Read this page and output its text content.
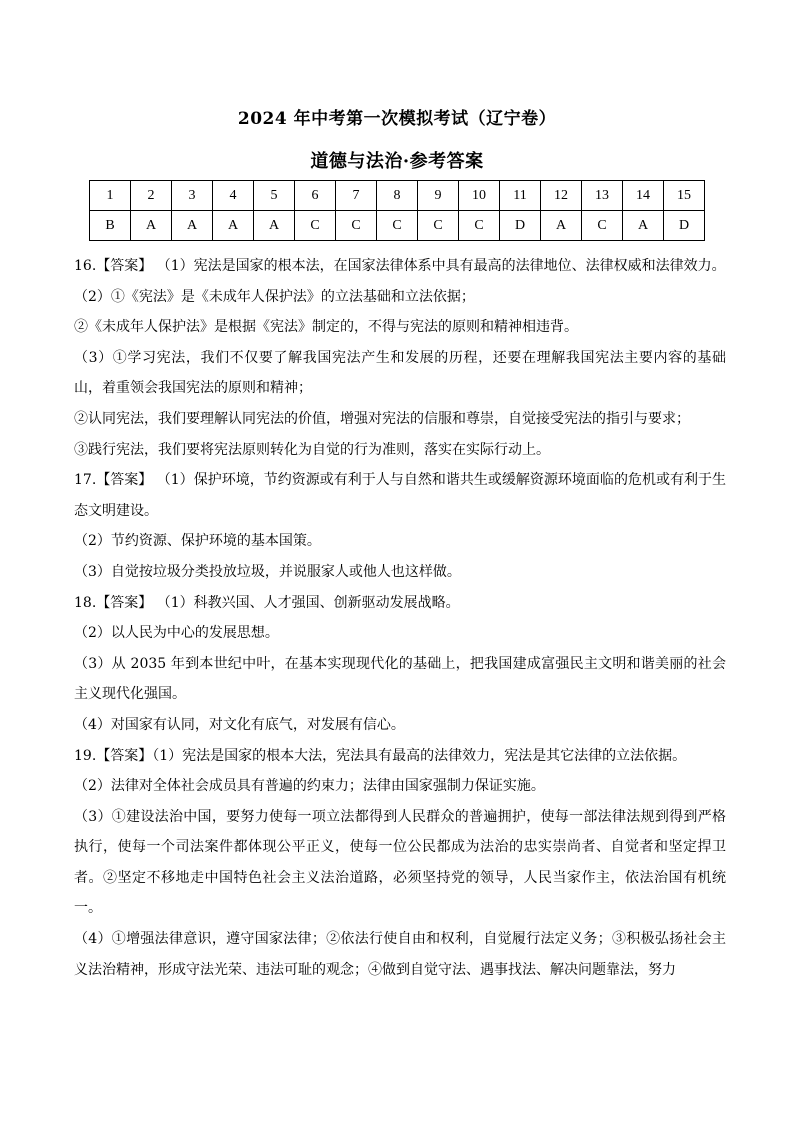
2024 年中考第一次模拟考试（辽宁卷）
道德与法治·参考答案
1	2	3	4	5	6	7	8	9	10	11	12	13	14	15
B	A	A	A	A	C	C	C	C	C	D	A	C	A	D

16.【答案】 （1）宪法是国家的根本法，在国家法律体系中具有最高的法律地位、法律权威和法律效力。

（2）①《宪法》是《未成年人保护法》的立法基础和立法依据；

②《未成年人保护法》是根据《宪法》制定的，不得与宪法的原则和精神相违背。

（3）①学习宪法，我们不仅要了解我国宪法产生和发展的历程，还要在理解我国宪法主要内容的基础山，着重领会我国宪法的原则和精神；

②认同宪法，我们要理解认同宪法的价值，增强对宪法的信服和尊崇，自觉接受宪法的指引与要求；

③践行宪法，我们要将宪法原则转化为自觉的行为准则，落实在实际行动上。

17.【答案】 （1）保护环境，节约资源或有利于人与自然和谐共生或缓解资源环境面临的危机或有利于生态文明建设。

（2）节约资源、保护环境的基本国策。

（3）自觉按垃圾分类投放垃圾，并说服家人或他人也这样做。

18.【答案】 （1）科教兴国、人才强国、创新驱动发展战略。

（2）以人民为中心的发展思想。

（3）从 2035 年到本世纪中叶，在基本实现现代化的基础上，把我国建成富强民主文明和谐美丽的社会主义现代化强国。

（4）对国家有认同，对文化有底气，对发展有信心。

19.【答案】（1）宪法是国家的根本大法，宪法具有最高的法律效力，宪法是其它法律的立法依据。

（2）法律对全体社会成员具有普遍的约束力；法律由国家强制力保证实施。

（3）①建设法治中国，要努力使每一项立法都得到人民群众的普遍拥护，使每一部法律法规到得到严格执行，使每一个司法案件都体现公平正义，使每一位公民都成为法治的忠实崇尚者、自觉者和坚定捍卫者。②坚定不移地走中国特色社会主义法治道路，必须坚持党的领导，人民当家作主，依法治国有机统一。

（4）①增强法律意识，遵守国家法律；②依法行使自由和权利，自觉履行法定义务；③积极弘扬社会主义法治精神，形成守法光荣、违法可耻的观念；④做到自觉守法、遇事找法、解决问题靠法，努力
